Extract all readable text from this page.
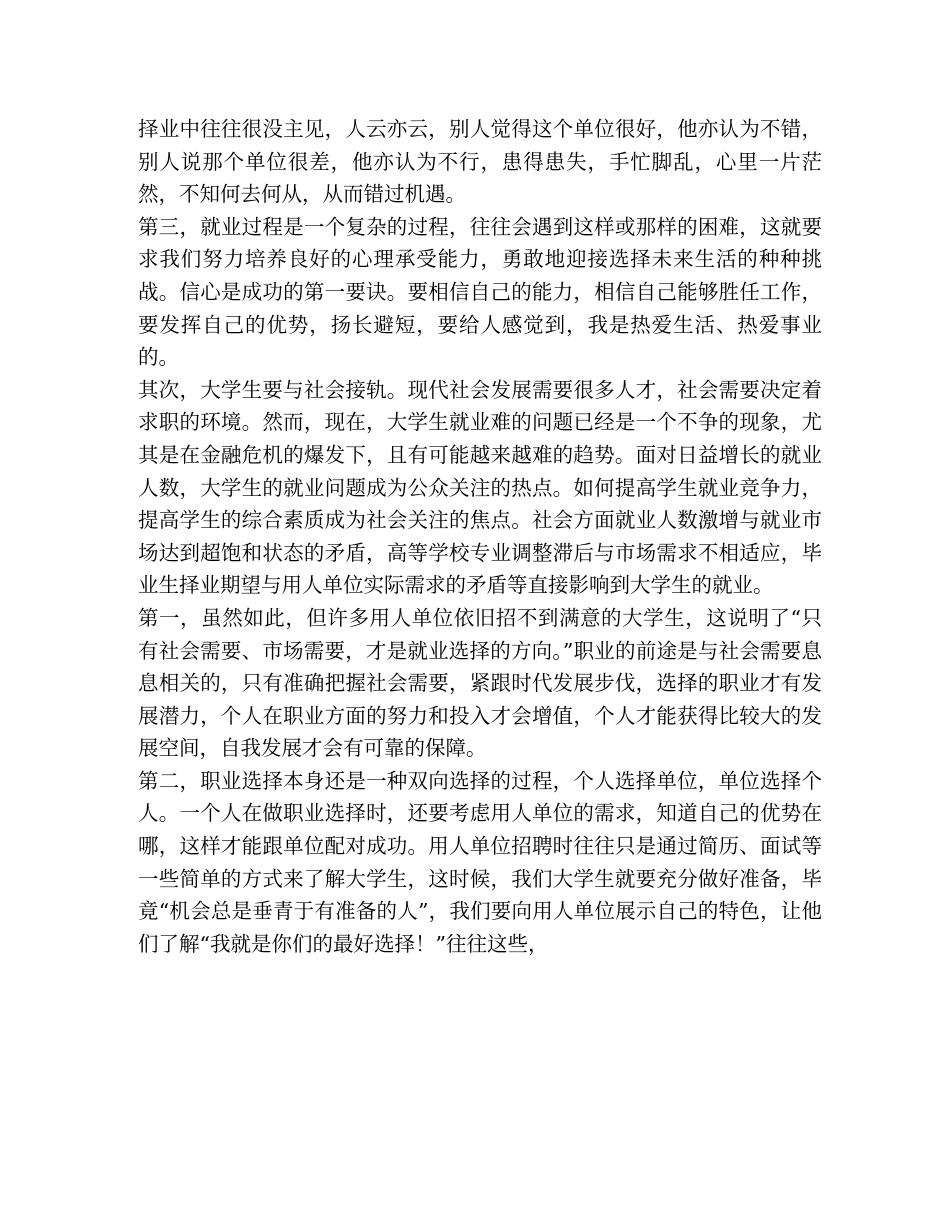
择业中往往很没主见，人云亦云，别人觉得这个单位很好，他亦认为不错，别人说那个单位很差，他亦认为不行，患得患失，手忙脚乱，心里一片茫然，不知何去何从，从而错过机遇。

第三，就业过程是一个复杂的过程，往往会遇到这样或那样的困难，这就要求我们努力培养良好的心理承受能力，勇敢地迎接选择未来生活的种种挑战。信心是成功的第一要诀。要相信自己的能力，相信自己能够胜任工作，要发挥自己的优势，扬长避短，要给人感觉到，我是热爱生活、热爱事业的。

其次，大学生要与社会接轨。现代社会发展需要很多人才，社会需要决定着求职的环境。然而，现在，大学生就业难的问题已经是一个不争的现象，尤其是在金融危机的爆发下，且有可能越来越难的趋势。面对日益增长的就业人数，大学生的就业问题成为公众关注的热点。如何提高学生就业竞争力，提高学生的综合素质成为社会关注的焦点。社会方面就业人数激增与就业市场达到超饱和状态的矛盾，高等学校专业调整滞后与市场需求不相适应，毕业生择业期望与用人单位实际需求的矛盾等直接影响到大学生的就业。

第一，虽然如此，但许多用人单位依旧招不到满意的大学生，这说明了“只有社会需要、市场需要，才是就业选择的方向。”职业的前途是与社会需要息息相关的，只有准确把握社会需要，紧跟时代发展步伐，选择的职业才有发展潜力，个人在职业方面的努力和投入才会增值，个人才能获得比较大的发展空间，自我发展才会有可靠的保障。

第二，职业选择本身还是一种双向选择的过程，个人选择单位，单位选择个人。一个人在做职业选择时，还要考虑用人单位的需求，知道自己的优势在哪，这样才能跟单位配对成功。用人单位招聘时往往只是通过简历、面试等一些简单的方式来了解大学生，这时候，我们大学生就要充分做好准备，毕竟“机会总是垂青于有准备的人”，我们要向用人单位展示自己的特色，让他们了解“我就是你们的最好选择！”往往这些，
